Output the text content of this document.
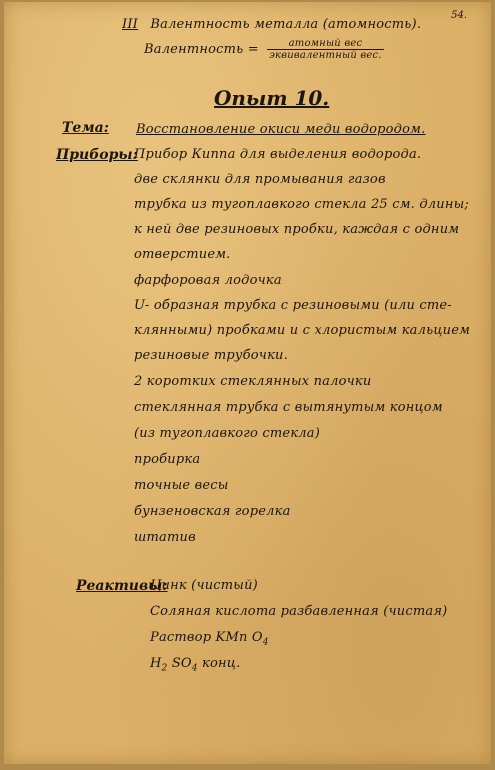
54.
III Валентность металла (атомность).
Валентность = $\frac{\text{атомный вес}}{\text{эквивалентный вес.}}$
Опыт 10.
Тема: Восстановление окиси меди водородом.
Приборы:
Прибор Киппа для выделения водорода.
две склянки для промывания газов
трубка из тугоплавкого стекла 25 см. длины;
к ней две резиновых пробки, каждая с одним
отверстием.
фарфоровая лодочка
U- образная трубка с резиновыми (или сте-
клянными) пробками и с хлористым кальцием
резиновые трубочки.
2 коротких стеклянных палочки
стеклянная трубка с вытянутым концом
(из тугоплавкого стекла)
пробирка
точные весы
бунзеновская горелка
штатив
Реактивы:
Цинк (чистый)
Соляная кислота разбавленная (чистая)
Раствор KMn $O_4$
$H_2$ $SO_4$ конц.
